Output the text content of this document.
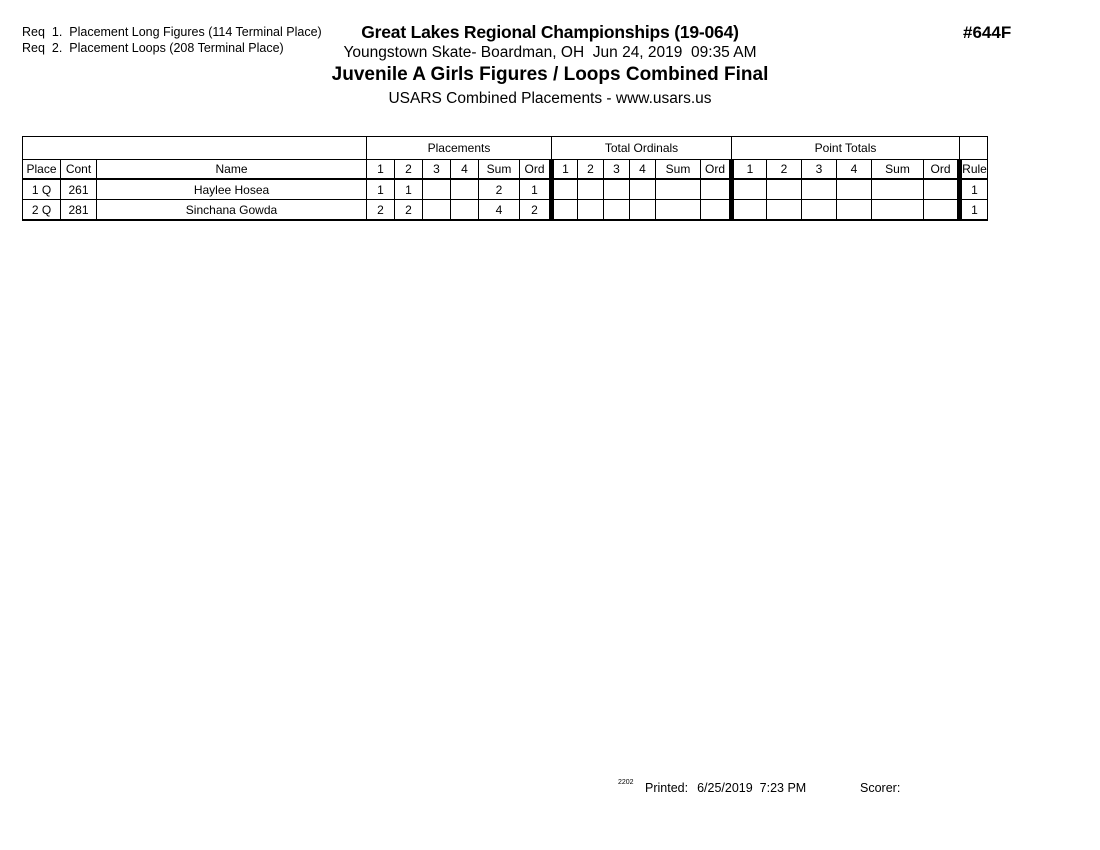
Req  1.  Placement Long Figures (114 Terminal Place)
Req  2.  Placement Loops (208 Terminal Place)
Great Lakes Regional Championships (19-064)
Youngstown Skate- Boardman, OH  Jun 24, 2019  09:35 AM
Juvenile A Girls Figures / Loops Combined Final
USARS Combined Placements - www.usars.us
#644F
			Placements						Total Ordinals						Point Totals						
Place	Cont	Name	1	2	3	4	Sum	Ord	1	2	3	4	Sum	Ord	1	2	3	4	Sum	Ord	Rule
1 Q	261	Haylee Hosea	1	1			2	1													1
2 Q	281	Sinchana Gowda	2	2			4	2													1
2202 Printed: 6/25/2019  7:23 PM	Scorer:
